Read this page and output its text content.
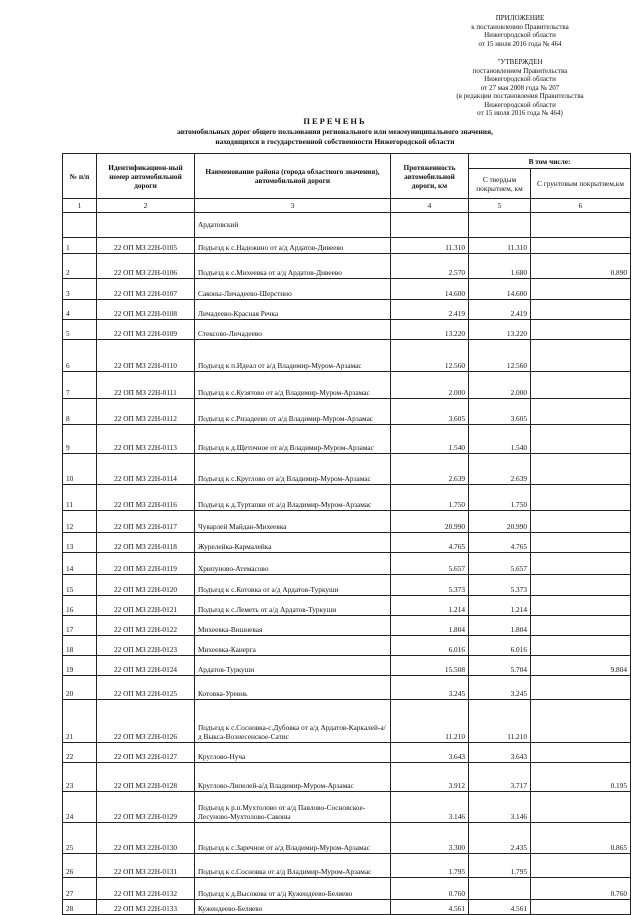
ПРИЛОЖЕНИЕ
к постановлению Правительства
Нижегородской области
от 15 июля 2016 года № 464
"УТВЕРЖДЕН
постановлением Правительства
Нижегородской области
от 27 мая 2008 года № 207
(в редакции постановления Правительства
Нижегородской области
от 15 июля 2016 года № 464)
ПЕРЕЧЕНЬ
автомобильных дорог общего пользования регионального или межмуниципального значения,
находящихся в государственной собственности Нижегородской области
№ п/п	Идентификацион-ный номер автомобильной дороги	Наименование района (города областного значения), автомобильной дороги	Протяженность автомобильной дороги, км	В том числе:	
				С твердым покрытием, км	С грунтовым покрытием,км
1	2	3	4	5	6
		Ардатовский			
1	22 ОП МЗ 22Н-0105	Подъезд к с.Надежино от а/д Ардатов-Дивеево	11.310	11.310	
2	22 ОП МЗ 22Н-0106	Подъезд к с.Михеевка от а/д Ардатов-Дивеево	2.570	1.680	0.890
3	22 ОП МЗ 22Н-0107	Саконы-Личадеево-Шерстино	14.600	14.600	
4	22 ОП МЗ 22Н-0108	Личадеево-Красная Речка	2.419	2.419	
5	22 ОП МЗ 22Н-0109	Стексово-Личадеево	13.220	13.220	
6	22 ОП МЗ 22Н-0110	Подъезд к п.Идеал от а/д Владимир-Муром-Арзамас	12.560	12.560	
7	22 ОП МЗ 22Н-0111	Подъезд к с.Кузятово от а/д Владимир-Муром-Арзамас	2.000	2.000	
8	22 ОП МЗ 22Н-0112	Подъезд к с.Ризадеево от а/д Владимир-Муром-Арзамас	3.605	3.605	
9	22 ОП МЗ 22Н-0113	Подъезд к д.Щеточное от а/д Владимир-Муром-Арзамас	1.540	1.540	
10	22 ОП МЗ 22Н-0114	Подъезд к с.Круглово от а/д Владимир-Муром-Арзамас	2.639	2.639	
11	22 ОП МЗ 22Н-0116	Подъезд к д.Туртапки от а/д Владимир-Муром-Арзамас	1.750	1.750	
12	22 ОП МЗ 22Н-0117	Чуварлей Майдан-Михеевка	20.990	20.990	
13	22 ОП МЗ 22Н-0118	Журелейка-Кармалейка	4.765	4.765	
14	22 ОП МЗ 22Н-0119	Хрипуново-Атемасово	5.657	5.657	
15	22 ОП МЗ 22Н-0120	Подъезд к с.Котовка от а/д Ардатов-Туркуши	5.373	5.373	
16	22 ОП МЗ 22Н-0121	Подъезд к с.Леметь от а/д Ардатов-Туркуши	1.214	1.214	
17	22 ОП МЗ 22Н-0122	Михеевка-Вишневая	1.804	1.804	
18	22 ОП МЗ 22Н-0123	Михеевка-Канерга	6.016	6.016	
19	22 ОП МЗ 22Н-0124	Ардатов-Туркуши	15.508	5.704	9.804
20	22 ОП МЗ 22Н-0125	Котовка-Уревнь	3.245	3.245	
21	22 ОП МЗ 22Н-0126	Подъезд к с.Сосновка-с.Дубовка от а/д Ардатов-Каркалей-а/д Выкса-Вознесенское-Сатис	11.210	11.210	
22	22 ОП МЗ 22Н-0127	Круглово-Нуча	3.643	3.643	
23	22 ОП МЗ 22Н-0128	Круглово-Липелей-а/д Владимир-Муром-Арзамас	3.912	3.717	0.195
24	22 ОП МЗ 22Н-0129	Подъезд к р.п.Мухтолово от а/д Павлово-Сосновское-Лесуново-Мухтолово-Саконы	3.146	3.146	
25	22 ОП МЗ 22Н-0130	Подъезд к с.Заречное от а/д Владимир-Муром-Арзамас	3.300	2.435	0.865
26	22 ОП МЗ 22Н-0131	Подъезд к с.Сосновка от а/д Владимир-Муром-Арзамас	1.795	1.795	
27	22 ОП МЗ 22Н-0132	Подъезд к д.Высокова от а/д Кужендеево-Беляево	0.760		0.760
28	22 ОП МЗ 22Н-0133	Кужендеево-Беляево	4.561	4.561	
